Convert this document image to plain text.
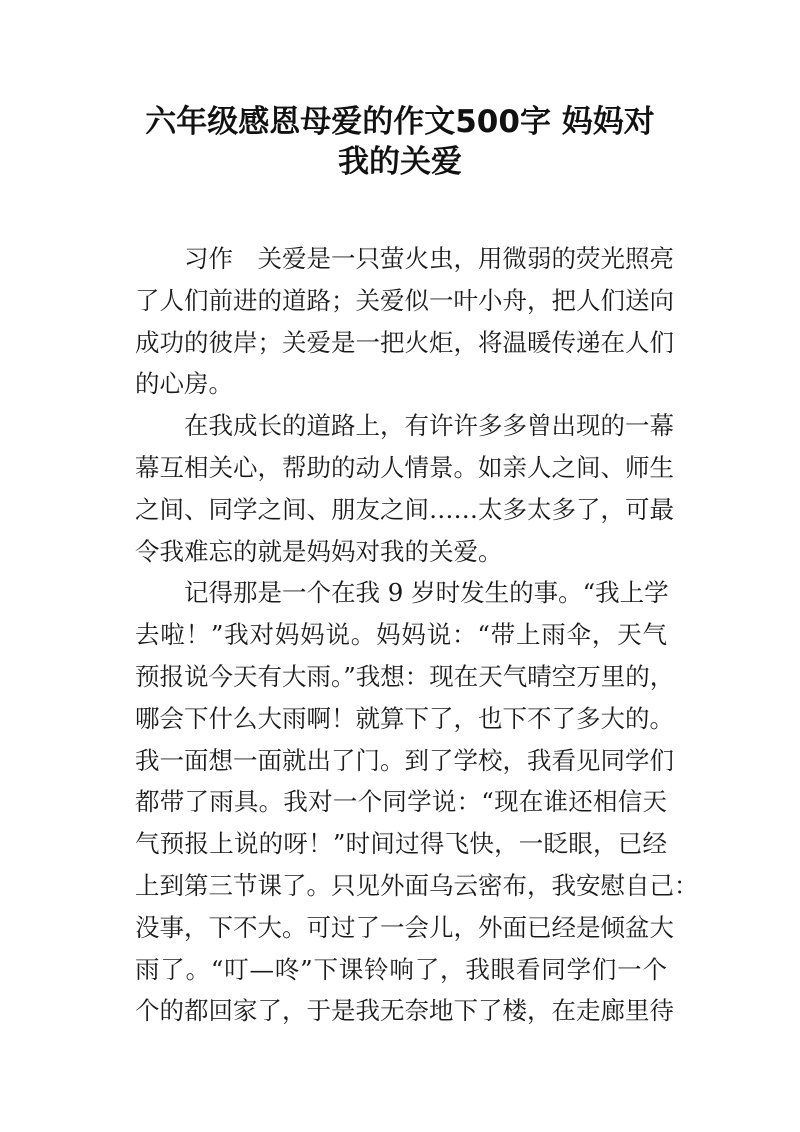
六年级感恩母爱的作文500字 妈妈对
我的关爱
习作　关爱是一只萤火虫，用微弱的荧光照亮
了人们前进的道路；关爱似一叶小舟，把人们送向
成功的彼岸；关爱是一把火炬，将温暖传递在人们
的心房。
在我成长的道路上，有许许多多曾出现的一幕
幕互相关心，帮助的动人情景。如亲人之间、师生
之间、同学之间、朋友之间……太多太多了，可最
令我难忘的就是妈妈对我的关爱。
记得那是一个在我 9 岁时发生的事。“我上学
去啦！”我对妈妈说。妈妈说：“带上雨伞，天气
预报说今天有大雨。”我想：现在天气晴空万里的，
哪会下什么大雨啊！就算下了，也下不了多大的。
我一面想一面就出了门。到了学校，我看见同学们
都带了雨具。我对一个同学说：“现在谁还相信天
气预报上说的呀！”时间过得飞快，一眨眼，已经
上到第三节课了。只见外面乌云密布，我安慰自己：
没事，下不大。可过了一会儿，外面已经是倾盆大
雨了。“叮—咚”下课铃响了，我眼看同学们一个
个的都回家了，于是我无奈地下了楼，在走廊里待
